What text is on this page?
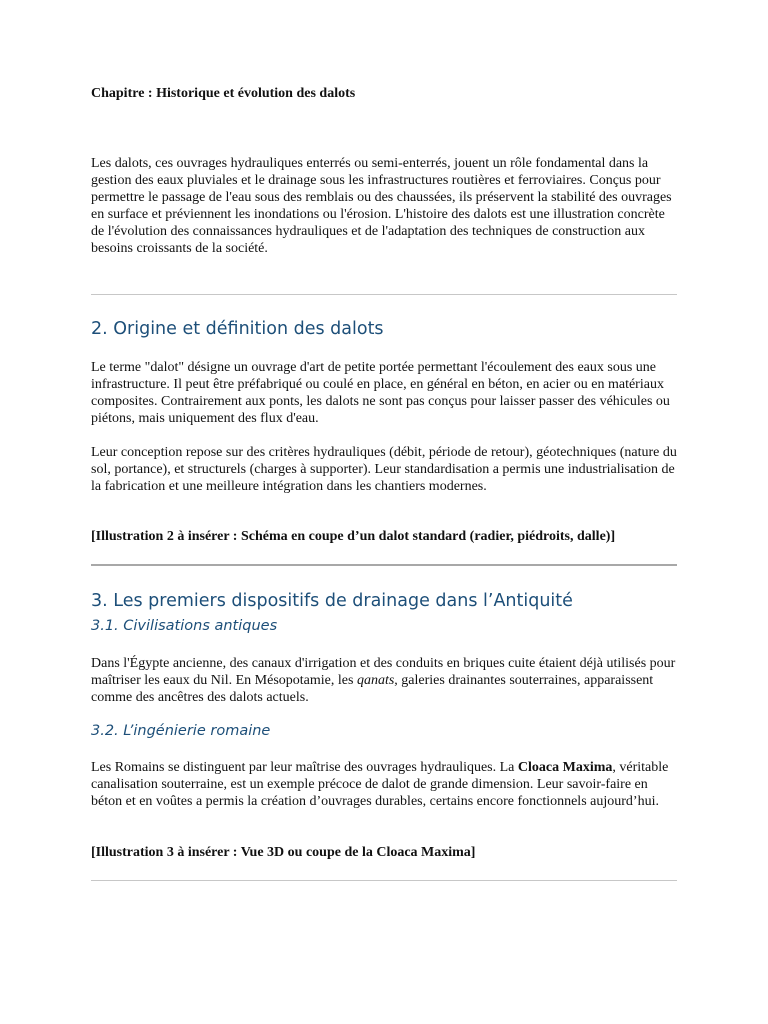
Chapitre : Historique et évolution des dalots

Les dalots, ces ouvrages hydrauliques enterrés ou semi-enterrés, jouent un rôle fondamental dans la gestion des eaux pluviales et le drainage sous les infrastructures routières et ferroviaires. Conçus pour permettre le passage de l'eau sous des remblais ou des chaussées, ils préservent la stabilité des ouvrages en surface et préviennent les inondations ou l'érosion. L'histoire des dalots est une illustration concrète de l'évolution des connaissances hydrauliques et de l'adaptation des techniques de construction aux besoins croissants de la société.

2. Origine et définition des dalots

Le terme "dalot" désigne un ouvrage d'art de petite portée permettant l'écoulement des eaux sous une infrastructure. Il peut être préfabriqué ou coulé en place, en général en béton, en acier ou en matériaux composites. Contrairement aux ponts, les dalots ne sont pas conçus pour laisser passer des véhicules ou piétons, mais uniquement des flux d'eau.

Leur conception repose sur des critères hydrauliques (débit, période de retour), géotechniques (nature du sol, portance), et structurels (charges à supporter). Leur standardisation a permis une industrialisation de la fabrication et une meilleure intégration dans les chantiers modernes.

[Illustration 2 à insérer : Schéma en coupe d’un dalot standard (radier, piédroits, dalle)]

3. Les premiers dispositifs de drainage dans l’Antiquité
3.1. Civilisations antiques

Dans l'Égypte ancienne, des canaux d'irrigation et des conduits en briques cuite étaient déjà utilisés pour maîtriser les eaux du Nil. En Mésopotamie, les qanats, galeries drainantes souterraines, apparaissent comme des ancêtres des dalots actuels.

3.2. L’ingénierie romaine

Les Romains se distinguent par leur maîtrise des ouvrages hydrauliques. La Cloaca Maxima, véritable canalisation souterraine, est un exemple précoce de dalot de grande dimension. Leur savoir-faire en béton et en voûtes a permis la création d’ouvrages durables, certains encore fonctionnels aujourd’hui.

[Illustration 3 à insérer : Vue 3D ou coupe de la Cloaca Maxima]
